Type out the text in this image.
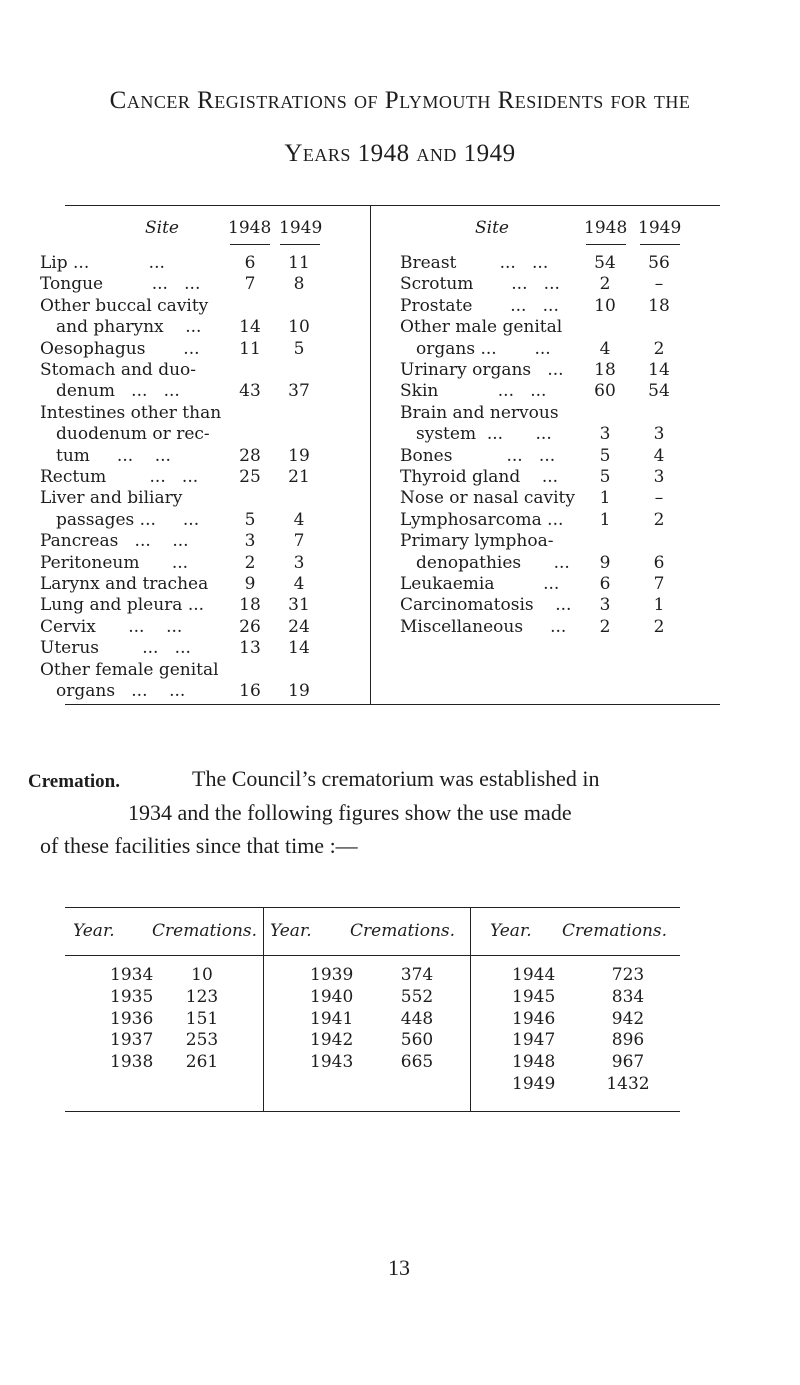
Cancer Registrations of Plymouth Residents for the
Years 1948 and 1949
Site	1948 1949	Site	1948 1949
Lip ...           ...	6	11
Tongue         ...   ...	7	8
Other buccal cavity
and pharynx    ...	14	10
Oesophagus       ...	11	5
Stomach and duo-
denum   ...   ...	43	37
Intestines other than
duodenum or rec-
tum     ...    ...	28	19
Rectum        ...   ...	25	21
Liver and biliary
passages ...     ...	5	4
Pancreas   ...    ...	3	7
Peritoneum      ...	2	3
Larynx and trachea	9	4
Lung and pleura ...	18	31
Cervix      ...    ...	26	24
Uterus        ...   ...	13	14
Other female genital
organs   ...    ...	16	19
Breast        ...   ...	54	56
Scrotum       ...   ...	2	–
Prostate       ...   ...	10	18
Other male genital
organs ...       ...	4	2
Urinary organs   ...	18	14
Skin           ...   ...	60	54
Brain and nervous
system  ...      ...	3	3
Bones          ...   ...	5	4
Thyroid gland    ...	5	3
Nose or nasal cavity	1	–
Lymphosarcoma ...	1	2
Primary lymphoa-
denopathies      ...	9	6
Leukaemia         ...	6	7
Carcinomatosis    ...	3	1
Miscellaneous     ...	2	2
Cremation.	The Council’s crematorium was established in
1934 and the following figures show the use made
of these facilities since that time :—
Year. Cremations.
1934	10
1935	123
1936	151
1937	253
1938	261
Year. Cremations.
1939	374
1940	552
1941	448
1942	560
1943	665
Year. Cremations.
1944	723
1945	834
1946	942
1947	896
1948	967
1949	1432
13
